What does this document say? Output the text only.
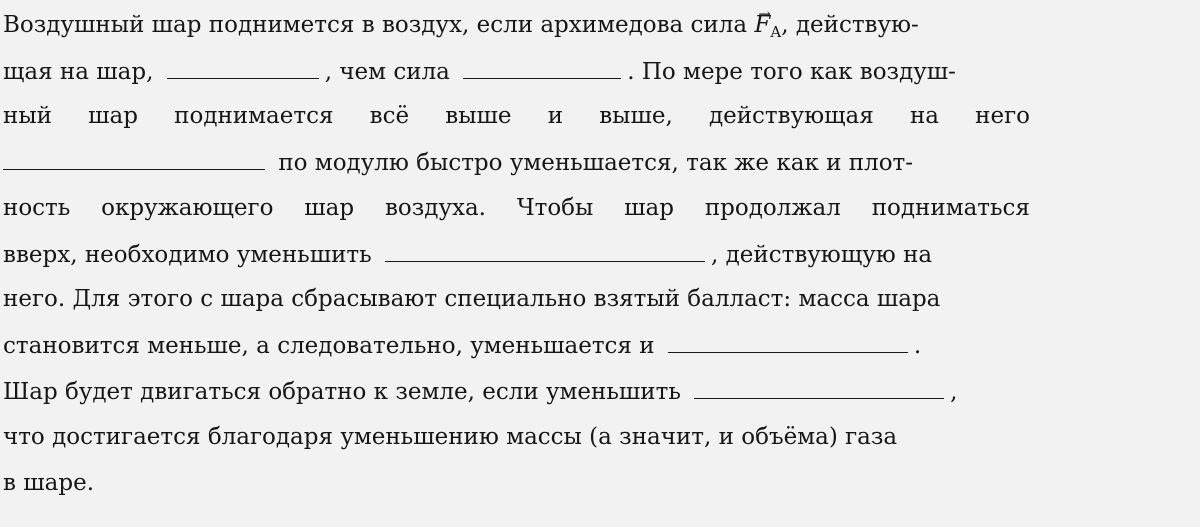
Воздушный шар поднимется в воздух, если архимедова сила → $F_A$, действую-
щая на шар,	, чем сила	. По мере того как воздуш-
ный шар поднимается всё выше и выше, действующая на него
по модулю быстро уменьшается, так же как и плот-
ность окружающего шар воздуха. Чтобы шар продолжал подниматься
вверх, необходимо уменьшить	, действующую на
него. Для этого с шара сбрасывают специально взятый балласт: масса шара
становится меньше, а следовательно, уменьшается и	.
Шар будет двигаться обратно к земле, если уменьшить	,
что достигается благодаря уменьшению массы (а значит, и объёма) газа
в шаре.
